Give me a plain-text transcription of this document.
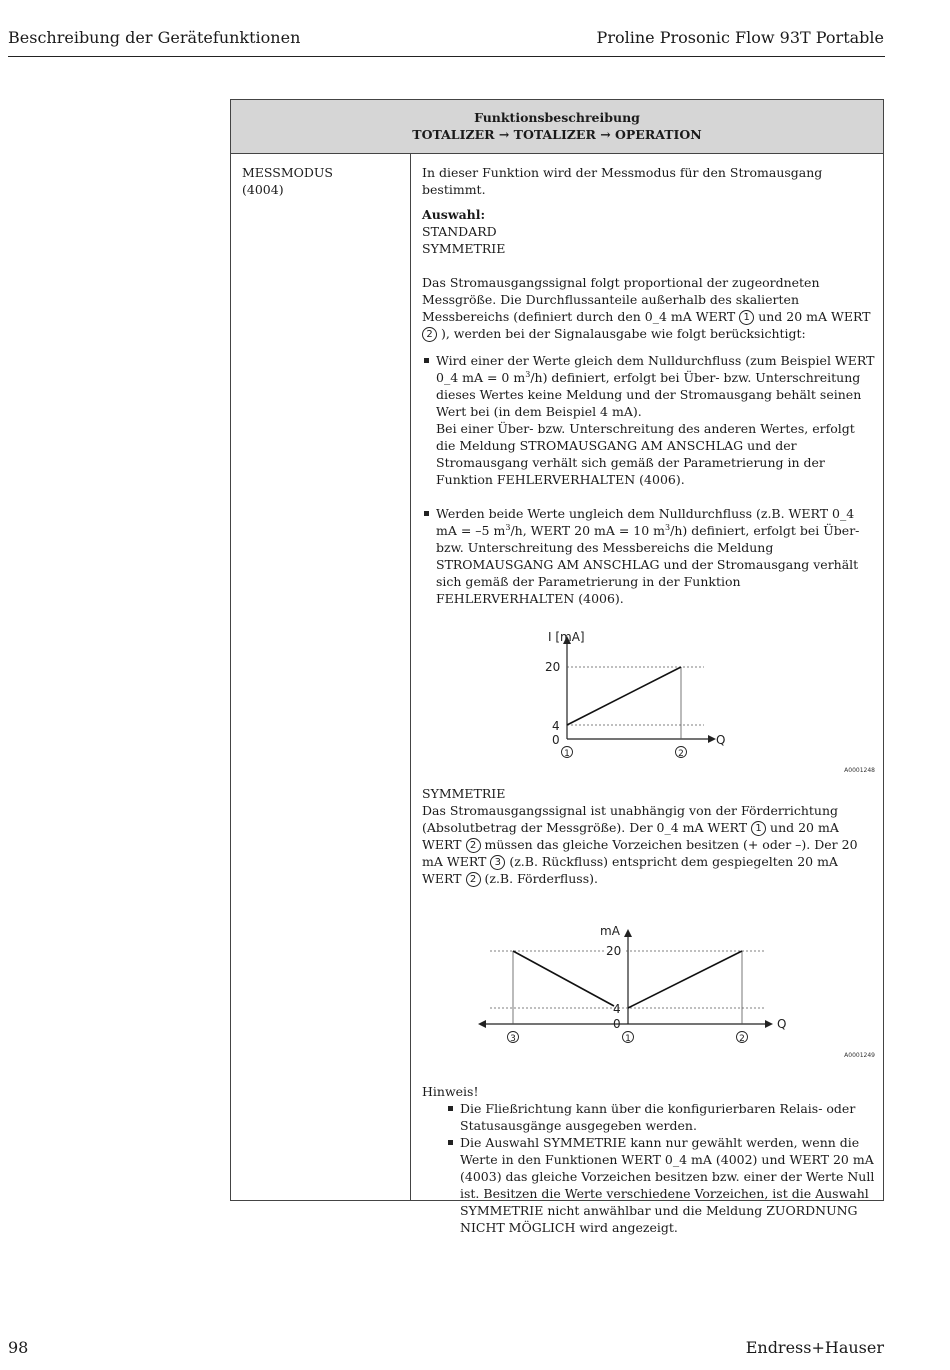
Beschreibung der Gerätefunktionen	Proline Prosonic Flow 93T Portable
Funktionsbeschreibung
TOTALIZER → TOTALIZER → OPERATION
MESSMODUS
(4004)

In dieser Funktion wird der Messmodus für den Stromausgang bestimmt.

Auswahl:

STANDARD

SYMMETRIE

Das Stromausgangssignal folgt proportional der zugeordneten Messgröße. Die Durchflussanteile außerhalb des skalierten Messbereichs (definiert durch den 0_4 mA WERT 1 und 20 mA WERT 2 ), werden bei der Signalausgabe wie folgt berücksichtigt:

Wird einer der Werte gleich dem Nulldurchfluss (zum Beispiel WERT 0_4 mA = 0 $m^3/h$) definiert, erfolgt bei Über- bzw. Unterschreitung dieses Wertes keine Meldung und der Stromausgang behält seinen Wert bei (in dem Beispiel 4 mA).
Bei einer Über- bzw. Unterschreitung des anderen Wertes, erfolgt die Meldung STROMAUSGANG AM ANSCHLAG und der Stromausgang verhält sich gemäß der Parametrierung in der Funktion FEHLERVERHALTEN (4006).
Werden beide Werte ungleich dem Nulldurchfluss (z.B. WERT 0_4 mA = –5 $m^3/h$, WERT 20 mA = 10 $m^3/h$) definiert, erfolgt bei Über- bzw. Unterschreitung des Messbereichs die Meldung STROMAUSGANG AM ANSCHLAG und der Stromausgang verhält sich gemäß der Parametrierung in der Funktion FEHLERVERHALTEN (4006).
I [mA]
20
4
0	Q
1	2
A0001248

SYMMETRIE

Das Stromausgangssignal ist unabhängig von der Förderrichtung (Absolutbetrag der Messgröße). Der 0_4 mA WERT 1 und 20 mA WERT 2 müssen das gleiche Vorzeichen besitzen (+ oder –). Der 20 mA WERT 3 (z.B. Rückfluss) entspricht dem gespiegelten 20 mA WERT 2 (z.B. Förderfluss).

mA
20
4
0	Q
3	1	2
A0001249

Hinweis!

Die Fließrichtung kann über die konfigurierbaren Relais- oder Statusausgänge ausgegeben werden.
Die Auswahl SYMMETRIE kann nur gewählt werden, wenn die Werte in den Funktionen WERT 0_4 mA (4002) und WERT 20 mA (4003) das gleiche Vorzeichen besitzen bzw. einer der Werte Null ist. Besitzen die Werte verschiedene Vorzeichen, ist die Auswahl SYMMETRIE nicht anwählbar und die Meldung ZUORDNUNG NICHT MÖGLICH wird angezeigt.
98	Endress+Hauser
